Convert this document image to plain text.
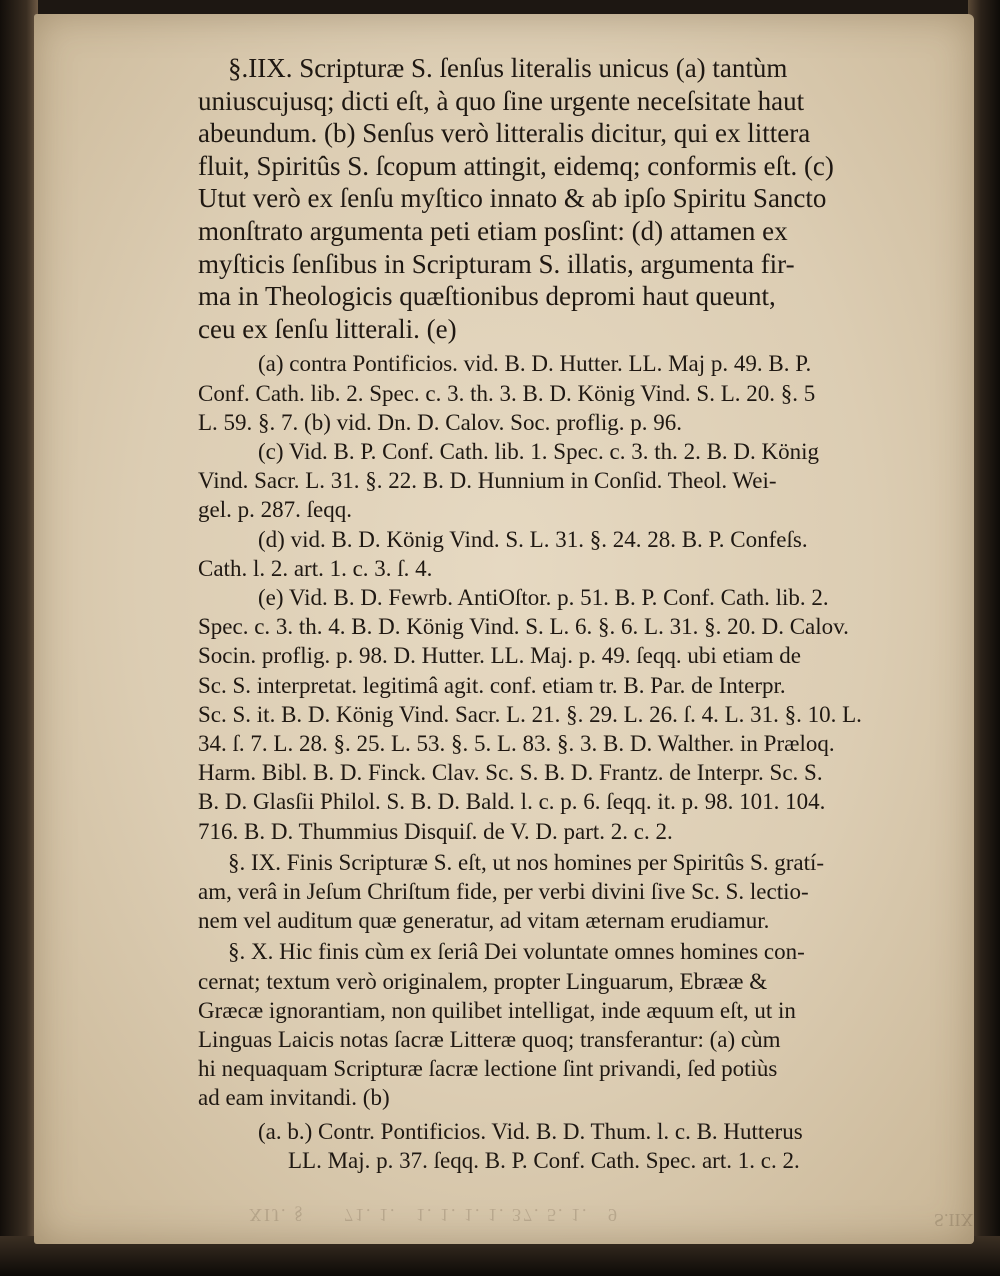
XIJ. §      71. 1.   1. 1. 1. 1. 37. 5. 1.   9	S.IIX
§.IIX. Scripturæ S. ſenſus literalis unicus (a) tantùm
uniuscujusq; dicti eſt, à quo ſine urgente neceſsitate haut
abeundum. (b) Senſus verò litteralis dicitur, qui ex littera
fluit, Spiritûs S. ſcopum attingit, eidemq; conformis eſt. (c)
Utut verò ex ſenſu myſtico innato & ab ipſo Spiritu Sancto
monſtrato argumenta peti etiam posſint: (d) attamen ex
myſticis ſenſibus in Scripturam S. illatis, argumenta fir-
ma in Theologicis quæſtionibus depromi haut queunt,
ceu ex ſenſu litterali. (e)
(a) contra Pontificios. vid. B. D. Hutter. LL. Maj p. 49. B. P.
Conf. Cath. lib. 2. Spec. c. 3. th. 3. B. D. König Vind. S. L. 20. §. 5
L. 59. §. 7. (b) vid. Dn. D. Calov. Soc. proflig. p. 96.
(c) Vid. B. P. Conf. Cath. lib. 1. Spec. c. 3. th. 2. B. D. König
Vind. Sacr. L. 31. §. 22. B. D. Hunnium in Conſid. Theol. Wei-
gel. p. 287. ſeqq.
(d) vid. B. D. König Vind. S. L. 31. §. 24. 28. B. P. Confeſs.
Cath. l. 2. art. 1. c. 3. ſ. 4.
(e) Vid. B. D. Fewrb. AntiOſtor. p. 51. B. P. Conf. Cath. lib. 2.
Spec. c. 3. th. 4. B. D. König Vind. S. L. 6. §. 6. L. 31. §. 20. D. Calov.
Socin. proflig. p. 98. D. Hutter. LL. Maj. p. 49. ſeqq. ubi etiam de
Sc. S. interpretat. legitimâ agit. conf. etiam tr. B. Par. de Interpr.
Sc. S. it. B. D. König Vind. Sacr. L. 21. §. 29. L. 26. ſ. 4. L. 31. §. 10. L.
34. ſ. 7. L. 28. §. 25. L. 53. §. 5. L. 83. §. 3. B. D. Walther. in Præloq.
Harm. Bibl. B. D. Finck. Clav. Sc. S. B. D. Frantz. de Interpr. Sc. S.
B. D. Glasſii Philol. S. B. D. Bald. l. c. p. 6. ſeqq. it. p. 98. 101. 104.
716. B. D. Thummius Disquiſ. de V. D. part. 2. c. 2.
§. IX. Finis Scripturæ S. eſt, ut nos homines per Spiritûs S. gratí-
am, verâ in Jeſum Chriſtum fide, per verbi divini ſive Sc. S. lectio-
nem vel auditum quæ generatur, ad vitam æternam erudiamur.
§. X. Hic finis cùm ex ſeriâ Dei voluntate omnes homines con-
cernat; textum verò originalem, propter Linguarum, Ebrææ &
Græcæ ignorantiam, non quilibet intelligat, inde æquum eſt, ut in
Linguas Laicis notas ſacræ Litteræ quoq; transferantur: (a) cùm
hi nequaquam Scripturæ ſacræ lectione ſint privandi, ſed potiùs
ad eam invitandi. (b)
(a. b.) Contr. Pontificios. Vid. B. D. Thum. l. c. B. Hutterus
LL. Maj. p. 37. ſeqq. B. P. Conf. Cath. Spec. art. 1. c. 2.
